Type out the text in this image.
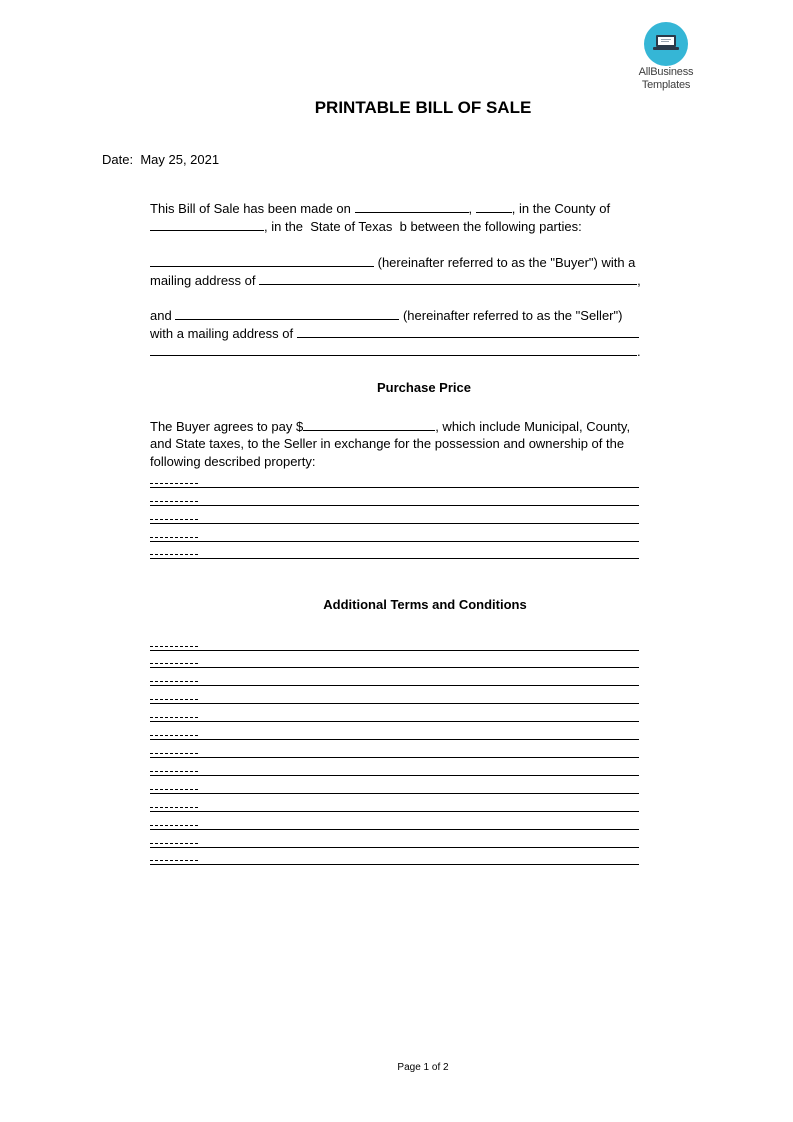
AllBusiness
Templates
PRINTABLE BILL OF SALE
Date: May 25, 2021
This Bill of Sale has been made on	,	, in the County of
, in the  State of Texas  b between the following parties:
(hereinafter referred to as the "Buyer") with a
mailing address of	,
and	(hereinafter referred to as the "Seller")
with a mailing address of
.
Purchase Price
The Buyer agrees to pay $	, which include Municipal, County,
and State taxes, to the Seller in exchange for the possession and ownership of the
following described property:
Additional Terms and Conditions
Page 1 of 2
